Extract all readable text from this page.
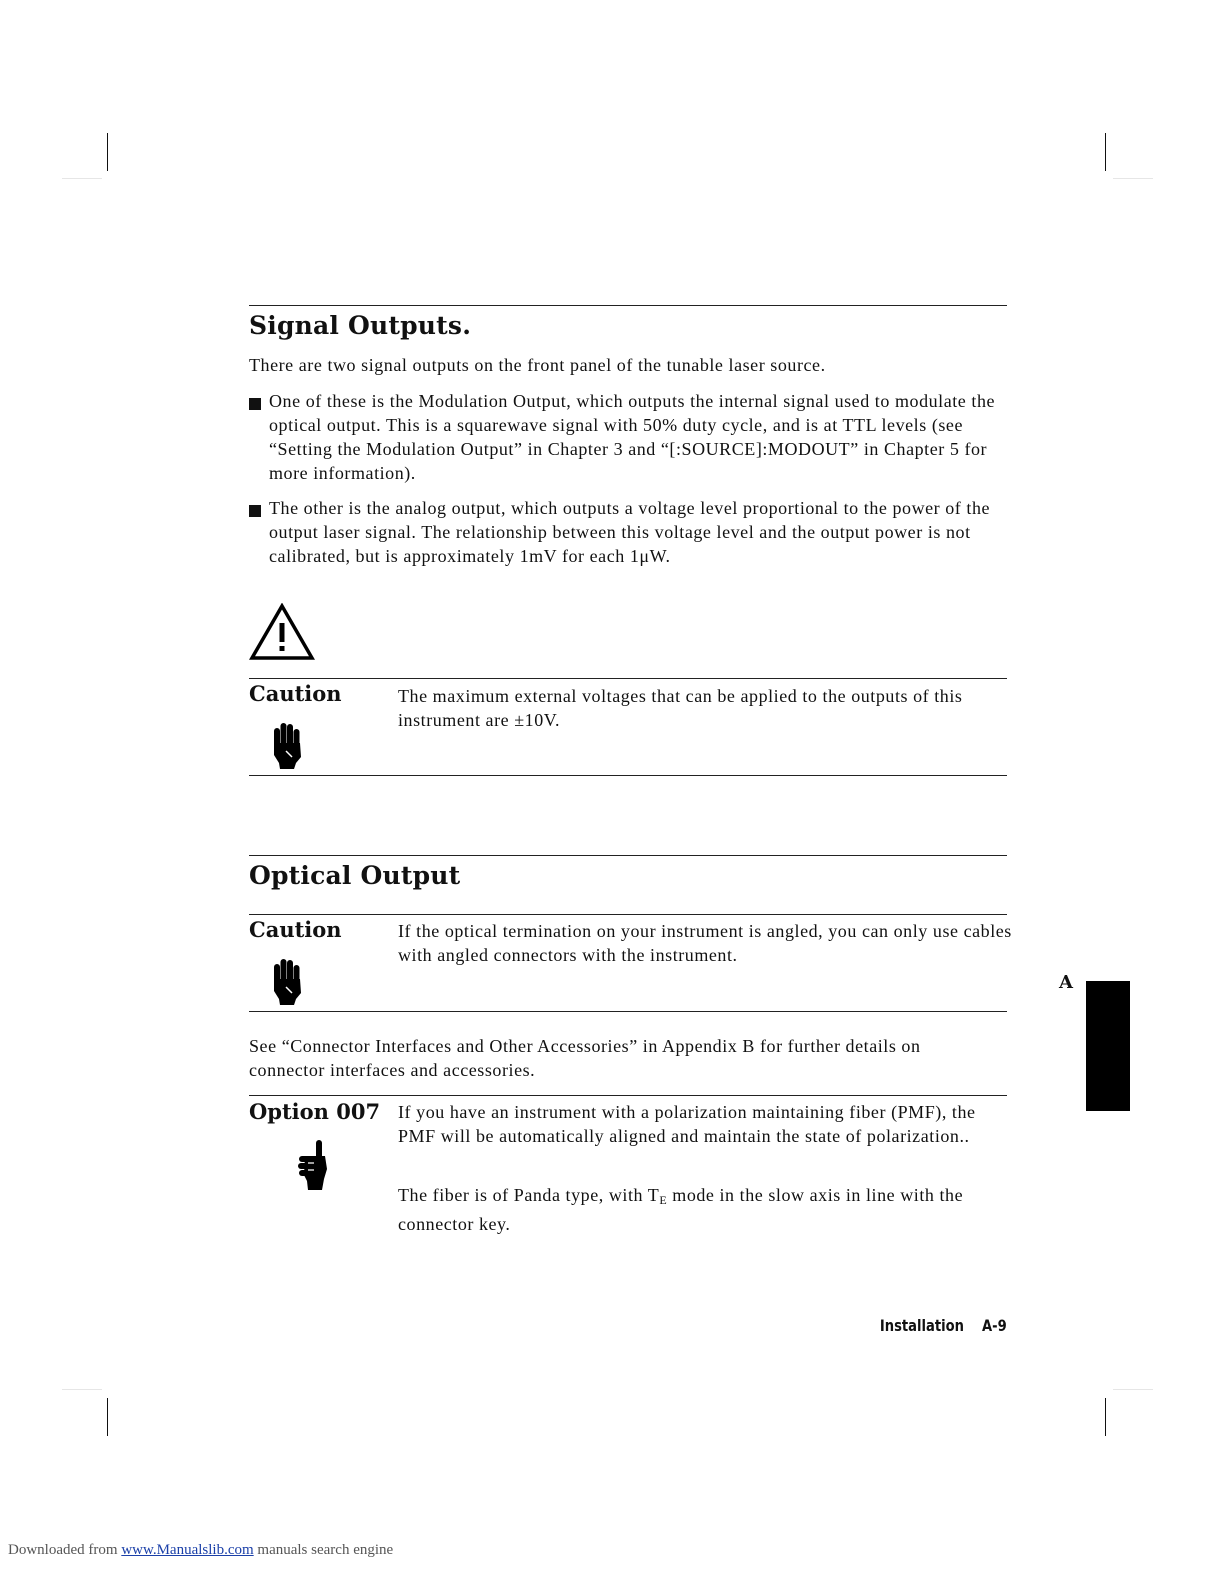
Signal Outputs.

There are two signal outputs on the front panel of the tunable laser source.

One of these is the Modulation Output, which outputs the internal signal used to modulate the optical output. This is a squarewave signal with 50% duty cycle, and is at TTL levels (see “Setting the Modulation Output” in Chapter 3 and “[:SOURCE]:MODOUT” in Chapter 5 for more information).

The other is the analog output, which outputs a voltage level proportional to the power of the output laser signal. The relationship between this voltage level and the output power is not calibrated, but is approximately 1mV for each 1μW.

Caution	The maximum external voltages that can be applied to the outputs of this instrument are ±10V.

Optical Output
Caution	If the optical termination on your instrument is angled, you can only use cables with angled connectors with the instrument.

See “Connector Interfaces and Other Accessories” in Appendix B for further details on connector interfaces and accessories.

Option 007 If you have an instrument with a polarization maintaining fiber (PMF), the PMF will be automatically aligned and maintain the state of polarization..

The fiber is of Panda type, with $T_E$ mode in the slow axis in line with the connector key.

A
Installation A-9
Downloaded from www.Manualslib.com manuals search engine
